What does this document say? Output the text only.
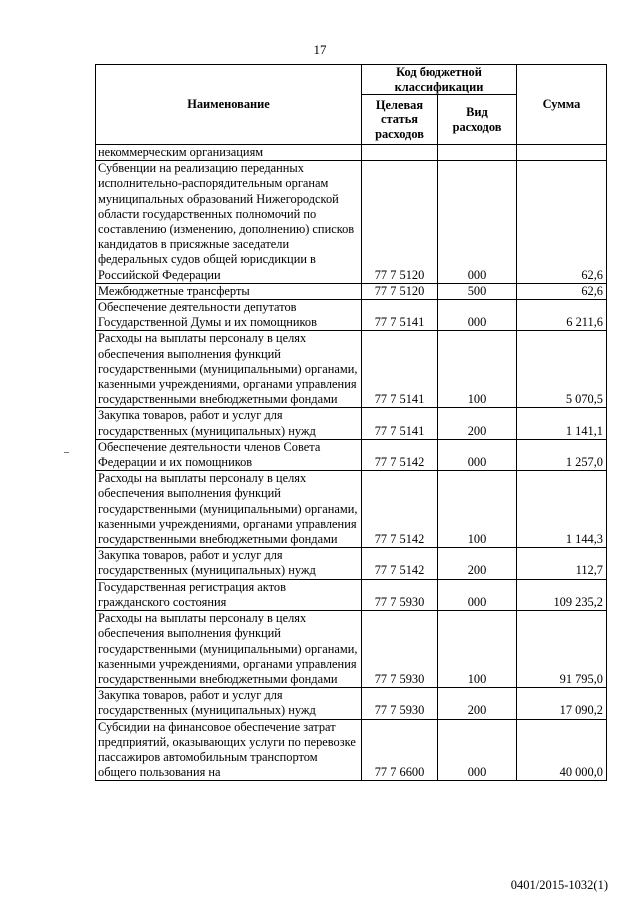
17
Наименование	Код бюджетной классификации		Сумма
	Целевая статья расходов	Вид расходов	
некоммерческим организациям			
Субвенции на реализацию переданных исполнительно-распорядительным органам муниципальных образований Нижегородской области государственных полномочий по составлению (изменению, дополнению) списков кандидатов в присяжные заседатели федеральных судов общей юрисдикции в Российской Федерации	77 7 5120	000	62,6
Межбюджетные трансферты	77 7 5120	500	62,6
Обеспечение деятельности депутатов Государственной Думы и их помощников	77 7 5141	000	6 211,6
Расходы на выплаты персоналу в целях обеспечения выполнения функций государственными (муниципальными) органами, казенными учреждениями, органами управления государственными внебюджетными фондами	77 7 5141	100	5 070,5
Закупка товаров, работ и услуг для государственных (муниципальных) нужд	77 7 5141	200	1 141,1
Обеспечение деятельности членов Совета Федерации и их помощников	77 7 5142	000	1 257,0
Расходы на выплаты персоналу в целях обеспечения выполнения функций государственными (муниципальными) органами, казенными учреждениями, органами управления государственными внебюджетными фондами	77 7 5142	100	1 144,3
Закупка товаров, работ и услуг для государственных (муниципальных) нужд	77 7 5142	200	112,7
Государственная регистрация актов гражданского состояния	77 7 5930	000	109 235,2
Расходы на выплаты персоналу в целях обеспечения выполнения функций государственными (муниципальными) органами, казенными учреждениями, органами управления государственными внебюджетными фондами	77 7 5930	100	91 795,0
Закупка товаров, работ и услуг для государственных (муниципальных) нужд	77 7 5930	200	17 090,2
Субсидии на финансовое обеспечение затрат предприятий, оказывающих услуги по перевозке пассажиров автомобильным транспортом общего пользования на	77 7 6600	000	40 000,0
0401/2015-1032(1)
